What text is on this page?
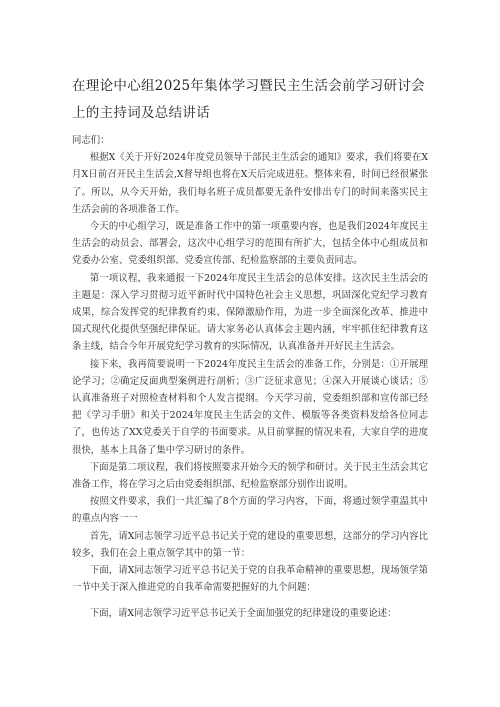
在理论中心组2025年集体学习暨民主生活会前学习研讨会上的主持词及总结讲话

同志们：

根据X《关于开好2024年度党员领导干部民主生活会的通知》要求，我们将要在X月X日前召开民主生活会,X督导组也将在X天后完成进驻。整体来看，时间已经很紧张了。所以，从今天开始，我们每名班子成员都要无条件安排出专门的时间来落实民主生活会前的各项准备工作。

今天的中心组学习，既是准备工作中的第一项重要内容，也是我们2024年度民主生活会的动员会、部署会，这次中心组学习的范围有所扩大，包括全体中心组成员和党委办公室、党委组织部、党委宣传部、纪检监察部的主要负责同志。

第一项议程，我来通报一下2024年度民主生活会的总体安排。这次民主生活会的主题是：深入学习贯彻习近平新时代中国特色社会主义思想，巩固深化党纪学习教育成果，综合发挥党的纪律教育约束、保障激励作用，为进一步全面深化改革、推进中国式现代化提供坚强纪律保证。请大家务必认真体会主题内涵，牢牢抓住纪律教育这条主线，结合今年开展党纪学习教育的实际情况，认真准备并开好民主生活会。

接下来，我再简要说明一下2024年度民主生活会的准备工作，分别是：①开展理论学习；②确定反面典型案例进行剖析；③广泛征求意见；④深入开展谈心谈话；⑤认真准备班子对照检查材料和个人发言提纲。今天学习前，党委组织部和宣传部已经把《学习手册》和关于2024年度民主生活会的文件、模版等各类资料发给各位同志了，也传达了XX党委关于自学的书面要求。从目前掌握的情况来看，大家自学的进度很快，基本上具备了集中学习研讨的条件。

下面是第二项议程，我们将按照要求开始今天的领学和研讨。关于民主生活会其它准备工作，将在学习之后由党委组织部、纪检监察部分别作出说明。

按照文件要求，我们一共汇编了8个方面的学习内容，下面，将通过领学重温其中的重点内容一一

首先，请X同志领学习近平总书记关于党的建设的重要思想，这部分的学习内容比较多，我们在会上重点领学其中的第一节：

下面，请X同志领学习近平总书记关于党的自我革命精神的重要思想，现场领学第一节中关于深入推进党的自我革命需要把握好的九个问题：

下面，请X同志领学习近平总书记关于全面加强党的纪律建设的重要论述：
